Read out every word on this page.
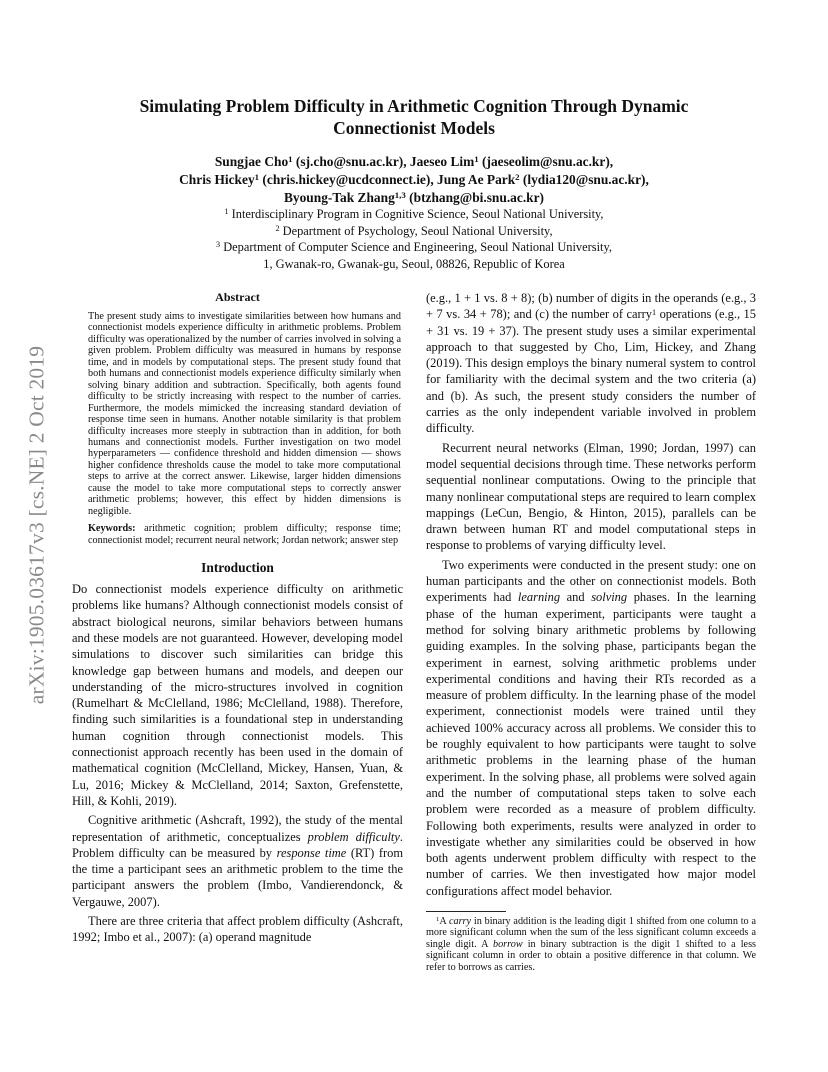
arXiv:1905.03617v3 [cs.NE] 2 Oct 2019
Simulating Problem Difficulty in Arithmetic Cognition Through Dynamic Connectionist Models
Sungjae Cho$^1$ (sj.cho@snu.ac.kr), Jaeseo Lim$^1$ (jaeseolim@snu.ac.kr),
Chris Hickey$^1$ (chris.hickey@ucdconnect.ie), Jung Ae Park$^2$ (lydia120@snu.ac.kr),
Byoung-Tak Zhang$^{1,3}$ (btzhang@bi.snu.ac.kr)
$^1$ Interdisciplinary Program in Cognitive Science, Seoul National University,
$^2$ Department of Psychology, Seoul National University,
$^3$ Department of Computer Science and Engineering, Seoul National University,
1, Gwanak-ro, Gwanak-gu, Seoul, 08826, Republic of Korea
Abstract

The present study aims to investigate similarities between how humans and connectionist models experience difficulty in arithmetic problems. Problem difficulty was operationalized by the number of carries involved in solving a given problem. Problem difficulty was measured in humans by response time, and in models by computational steps. The present study found that both humans and connectionist models experience difficulty similarly when solving binary addition and subtraction. Specifically, both agents found difficulty to be strictly increasing with respect to the number of carries. Furthermore, the models mimicked the increasing standard deviation of response time seen in humans. Another notable similarity is that problem difficulty increases more steeply in subtraction than in addition, for both humans and connectionist models. Further investigation on two model hyperparameters — confidence threshold and hidden dimension — shows higher confidence thresholds cause the model to take more computational steps to arrive at the correct answer. Likewise, larger hidden dimensions cause the model to take more computational steps to correctly answer arithmetic problems; however, this effect by hidden dimensions is negligible.

Keywords: arithmetic cognition; problem difficulty; response time; connectionist model; recurrent neural network; Jordan network; answer step

Introduction

Do connectionist models experience difficulty on arithmetic problems like humans? Although connectionist models consist of abstract biological neurons, similar behaviors between humans and these models are not guaranteed. However, developing model simulations to discover such similarities can bridge this knowledge gap between humans and models, and deepen our understanding of the micro-structures involved in cognition (Rumelhart & McClelland, 1986; McClelland, 1988). Therefore, finding such similarities is a foundational step in understanding human cognition through connectionist models. This connectionist approach recently has been used in the domain of mathematical cognition (McClelland, Mickey, Hansen, Yuan, & Lu, 2016; Mickey & McClelland, 2014; Saxton, Grefenstette, Hill, & Kohli, 2019).

Cognitive arithmetic (Ashcraft, 1992), the study of the mental representation of arithmetic, conceptualizes problem difficulty. Problem difficulty can be measured by response time (RT) from the time a participant sees an arithmetic problem to the time the participant answers the problem (Imbo, Vandierendonck, & Vergauwe, 2007).

There are three criteria that affect problem difficulty (Ashcraft, 1992; Imbo et al., 2007): (a) operand magnitude

(e.g., 1 + 1 vs. 8 + 8); (b) number of digits in the operands (e.g., 3 + 7 vs. 34 + 78); and (c) the number of carry$^1$ operations (e.g., 15 + 31 vs. 19 + 37). The present study uses a similar experimental approach to that suggested by Cho, Lim, Hickey, and Zhang (2019). This design employs the binary numeral system to control for familiarity with the decimal system and the two criteria (a) and (b). As such, the present study considers the number of carries as the only independent variable involved in problem difficulty.

Recurrent neural networks (Elman, 1990; Jordan, 1997) can model sequential decisions through time. These networks perform sequential nonlinear computations. Owing to the principle that many nonlinear computational steps are required to learn complex mappings (LeCun, Bengio, & Hinton, 2015), parallels can be drawn between human RT and model computational steps in response to problems of varying difficulty level.

Two experiments were conducted in the present study: one on human participants and the other on connectionist models. Both experiments had learning and solving phases. In the learning phase of the human experiment, participants were taught a method for solving binary arithmetic problems by following guiding examples. In the solving phase, participants began the experiment in earnest, solving arithmetic problems under experimental conditions and having their RTs recorded as a measure of problem difficulty. In the learning phase of the model experiment, connectionist models were trained until they achieved 100% accuracy across all problems. We consider this to be roughly equivalent to how participants were taught to solve arithmetic problems in the learning phase of the human experiment. In the solving phase, all problems were solved again and the number of computational steps taken to solve each problem were recorded as a measure of problem difficulty. Following both experiments, results were analyzed in order to investigate whether any similarities could be observed in how both agents underwent problem difficulty with respect to the number of carries. We then investigated how major model configurations affect model behavior.

$^1$A carry in binary addition is the leading digit 1 shifted from one column to a more significant column when the sum of the less significant column exceeds a single digit. A borrow in binary subtraction is the digit 1 shifted to a less significant column in order to obtain a positive difference in that column. We refer to borrows as carries.
